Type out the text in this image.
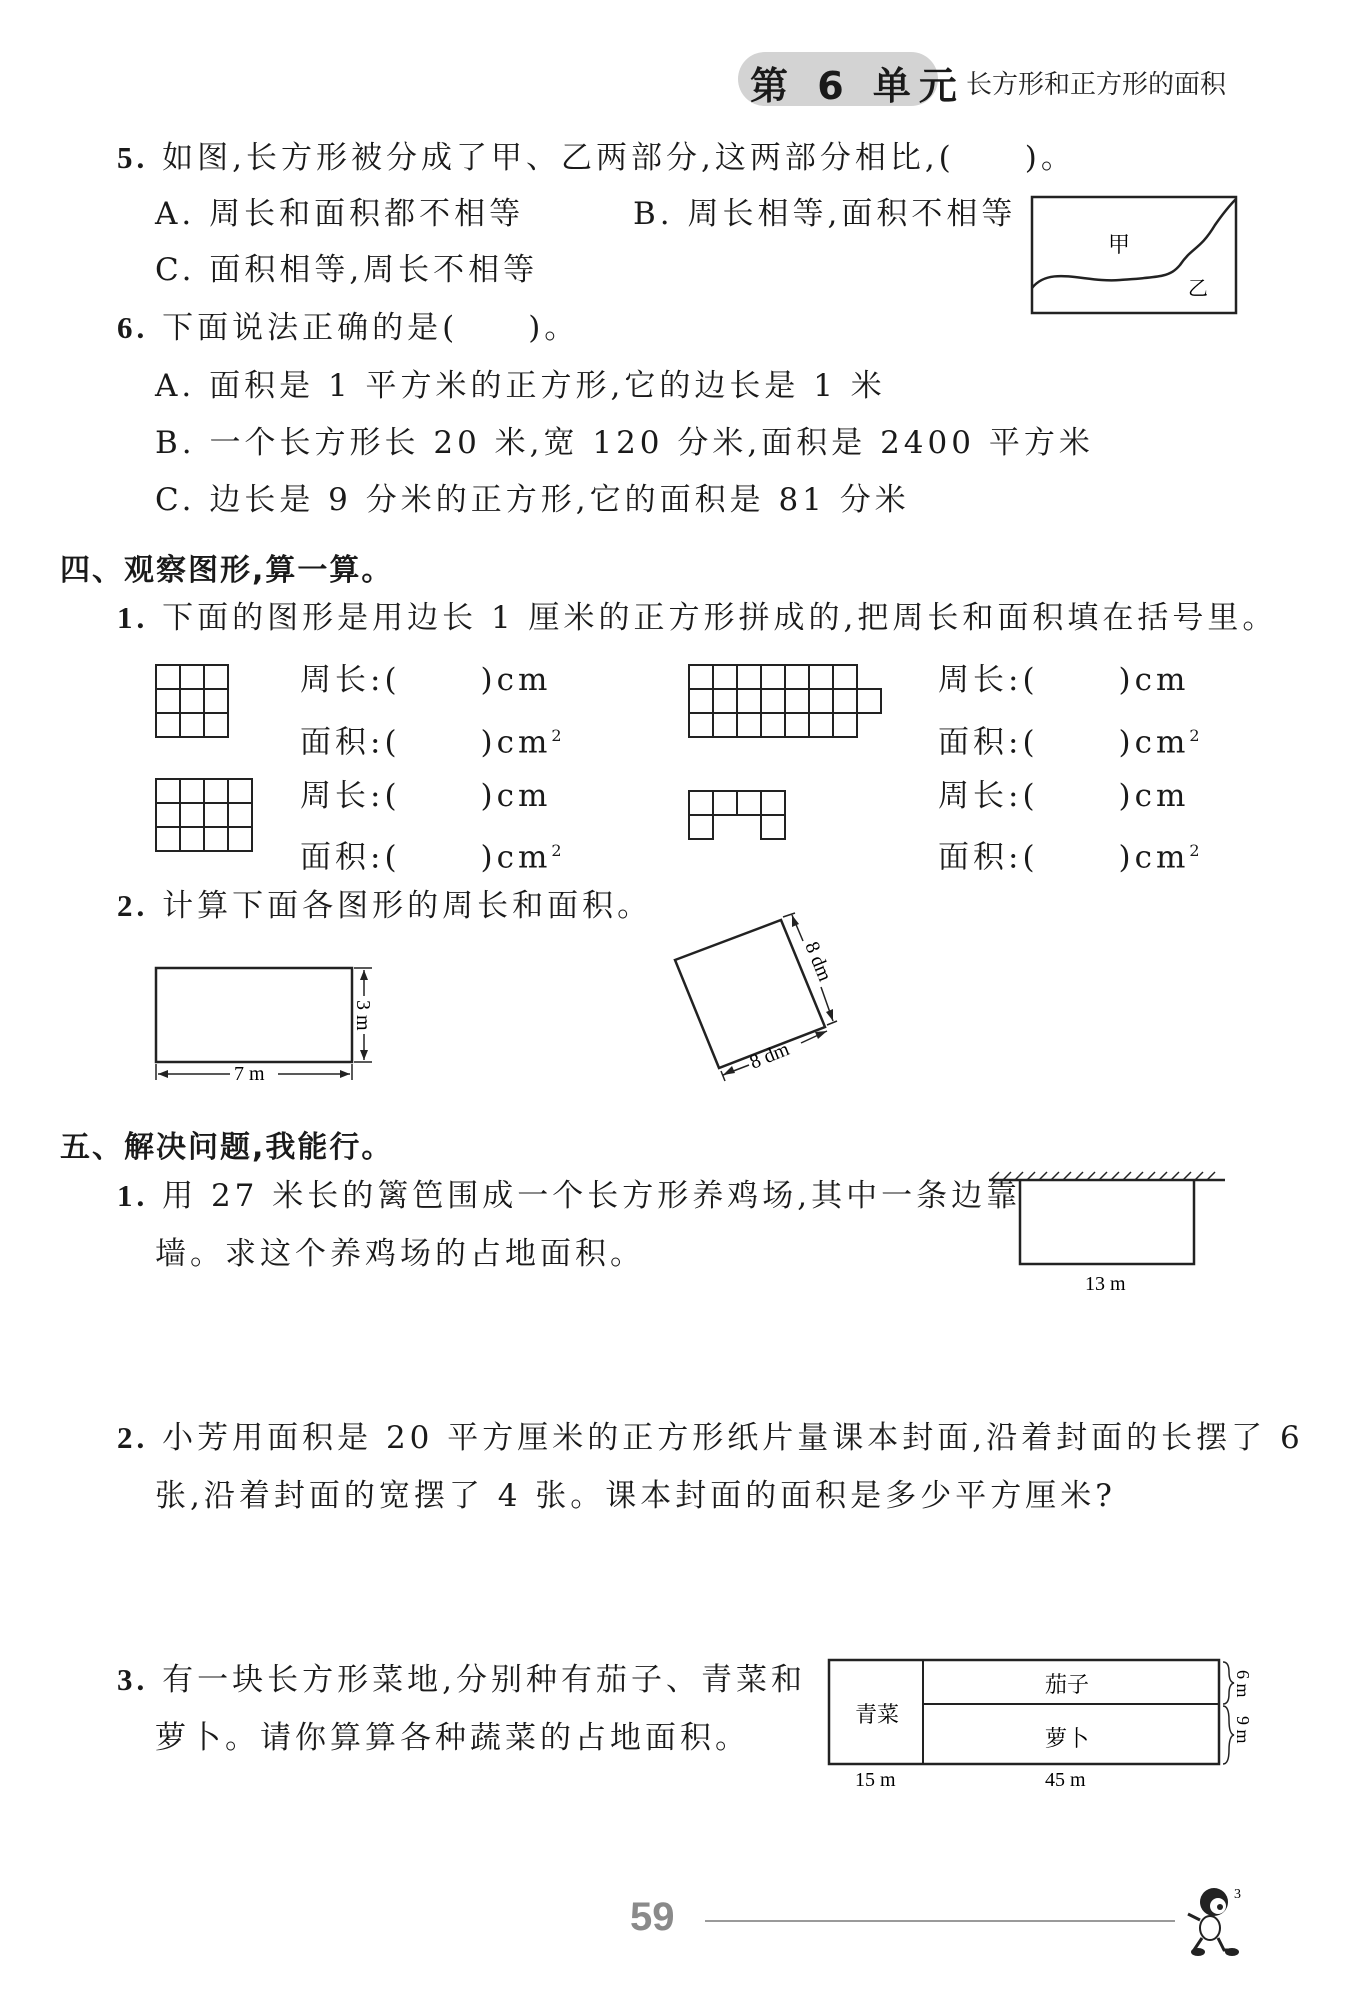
第 6 单元 长方形和正方形的面积
5. 如图,长方形被分成了甲、乙两部分,这两部分相比,(　　)。
A. 周长和面积都不相等	B. 周长相等,面积不相等
C. 面积相等,周长不相等
甲
乙
6. 下面说法正确的是(　　)。
A. 面积是 1 平方米的正方形,它的边长是 1 米
B. 一个长方形长 20 米,宽 120 分米,面积是 2400 平方米
C. 边长是 9 分米的正方形,它的面积是 81 分米
四、观察图形,算一算。
1. 下面的图形是用边长 1 厘米的正方形拼成的,把周长和面积填在括号里。
周长:(	)cm
面积:(	)$cm^2$
周长:(	)cm
面积:(	)$cm^2$
周长:(	)cm
面积:(	)$cm^2$
周长:(	)cm
面积:(	)$cm^2$
2. 计算下面各图形的周长和面积。
7 m
3 m
8 dm
8 dm
五、解决问题,我能行。
1. 用 27 米长的篱笆围成一个长方形养鸡场,其中一条边靠
墙。求这个养鸡场的占地面积。
13 m
2. 小芳用面积是 20 平方厘米的正方形纸片量课本封面,沿着封面的长摆了 6
张,沿着封面的宽摆了 4 张。课本封面的面积是多少平方厘米?
3. 有一块长方形菜地,分别种有茄子、青菜和
萝卜。请你算算各种蔬菜的占地面积。
青菜
茄子
萝卜
6 m
9 m
15 m	45 m
59
3
